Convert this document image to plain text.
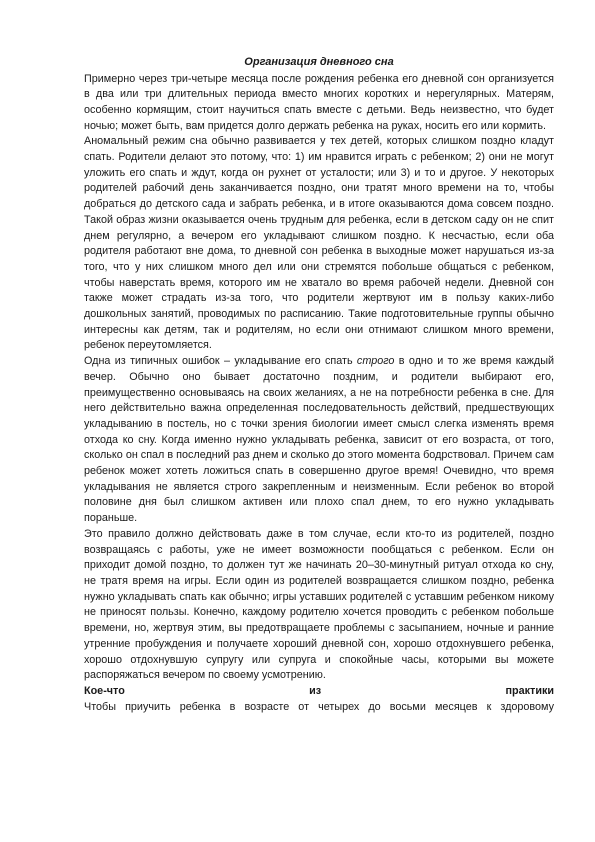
Организация дневного сна

Примерно через три-четыре месяца после рождения ребенка его дневной сон организуется в два или три длительных периода вместо многих коротких и нерегулярных. Матерям, особенно кормящим, стоит научиться спать вместе с детьми. Ведь неизвестно, что будет ночью; может быть, вам придется долго держать ребенка на руках, носить его или кормить.

Аномальный режим сна обычно развивается у тех детей, которых слишком поздно кладут спать. Родители делают это потому, что: 1) им нравится играть с ребенком; 2) они не могут уложить его спать и ждут, когда он рухнет от усталости; или 3) и то и другое. У некоторых родителей рабочий день заканчивается поздно, они тратят много времени на то, чтобы добраться до детского сада и забрать ребенка, и в итоге оказываются дома совсем поздно. Такой образ жизни оказывается очень трудным для ребенка, если в детском саду он не спит днем регулярно, а вечером его укладывают слишком поздно. К несчастью, если оба родителя работают вне дома, то дневной сон ребенка в выходные может нарушаться из-за того, что у них слишком много дел или они стремятся побольше общаться с ребенком, чтобы наверстать время, которого им не хватало во время рабочей недели. Дневной сон также может страдать из-за того, что родители жертвуют им в пользу каких-либо дошкольных занятий, проводимых по расписанию. Такие подготовительные группы обычно интересны как детям, так и родителям, но если они отнимают слишком много времени, ребенок переутомляется.

Одна из типичных ошибок – укладывание его спать строго в одно и то же время каждый вечер. Обычно оно бывает достаточно поздним, и родители выбирают его, преимущественно основываясь на своих желаниях, а не на потребности ребенка в сне. Для него действительно важна определенная последовательность действий, предшествующих укладыванию в постель, но с точки зрения биологии имеет смысл слегка изменять время отхода ко сну. Когда именно нужно укладывать ребенка, зависит от его возраста, от того, сколько он спал в последний раз днем и сколько до этого момента бодрствовал. Причем сам ребенок может хотеть ложиться спать в совершенно другое время! Очевидно, что время укладывания не является строго закрепленным и неизменным. Если ребенок во второй половине дня был слишком активен или плохо спал днем, то его нужно укладывать пораньше.

Это правило должно действовать даже в том случае, если кто-то из родителей, поздно возвращаясь с работы, уже не имеет возможности пообщаться с ребенком. Если он приходит домой поздно, то должен тут же начинать 20–30-минутный ритуал отхода ко сну, не тратя время на игры. Если один из родителей возвращается слишком поздно, ребенка нужно укладывать спать как обычно; игры уставших родителей с уставшим ребенком никому не приносят пользы. Конечно, каждому родителю хочется проводить с ребенком побольше времени, но, жертвуя этим, вы предотвращаете проблемы с засыпанием, ночные и ранние утренние пробуждения и получаете хороший дневной сон, хорошо отдохнувшего ребенка, хорошо отдохнувшую супругу или супруга и спокойные часы, которыми вы можете распоряжаться вечером по своему усмотрению.

Кое-что	из	практики

Чтобы приучить ребенка в возрасте от четырех до восьми месяцев к здоровому
